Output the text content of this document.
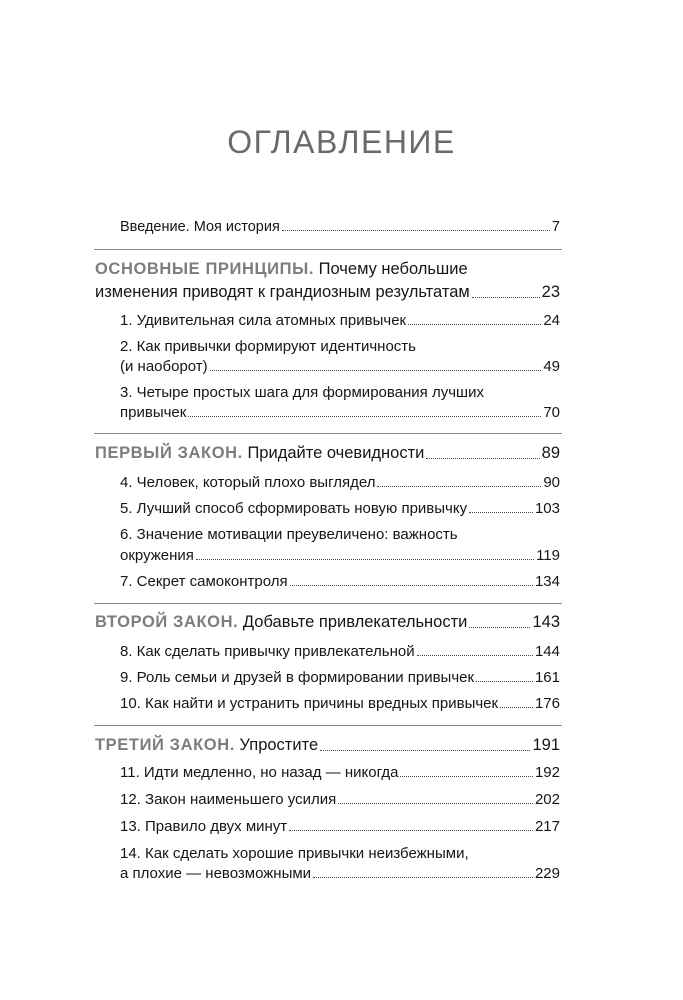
ОГЛАВЛЕНИЕ
Введение. Моя история	7
ОСНОВНЫЕ ПРИНЦИПЫ. Почему небольшие
изменения приводят к грандиозным результатам	23
1. Удивительная сила атомных привычек	24
2. Как привычки формируют идентичность
(и наоборот)	49
3. Четыре простых шага для формирования лучших
привычек	70
ПЕРВЫЙ ЗАКОН. Придайте очевидности	89
4. Человек, который плохо выглядел	90
5. Лучший способ сформировать новую привычку	103
6. Значение мотивации преувеличено: важность
окружения	119
7. Секрет самоконтроля	134
ВТОРОЙ ЗАКОН. Добавьте привлекательности	143
8. Как сделать привычку привлекательной	144
9. Роль семьи и друзей в формировании привычек	161
10. Как найти и устранить причины вредных привычек 176
ТРЕТИЙ ЗАКОН. Упростите	191
11. Идти медленно, но назад — никогда	192
12. Закон наименьшего усилия	202
13. Правило двух минут	217
14. Как сделать хорошие привычки неизбежными,
а плохие — невозможными	229
